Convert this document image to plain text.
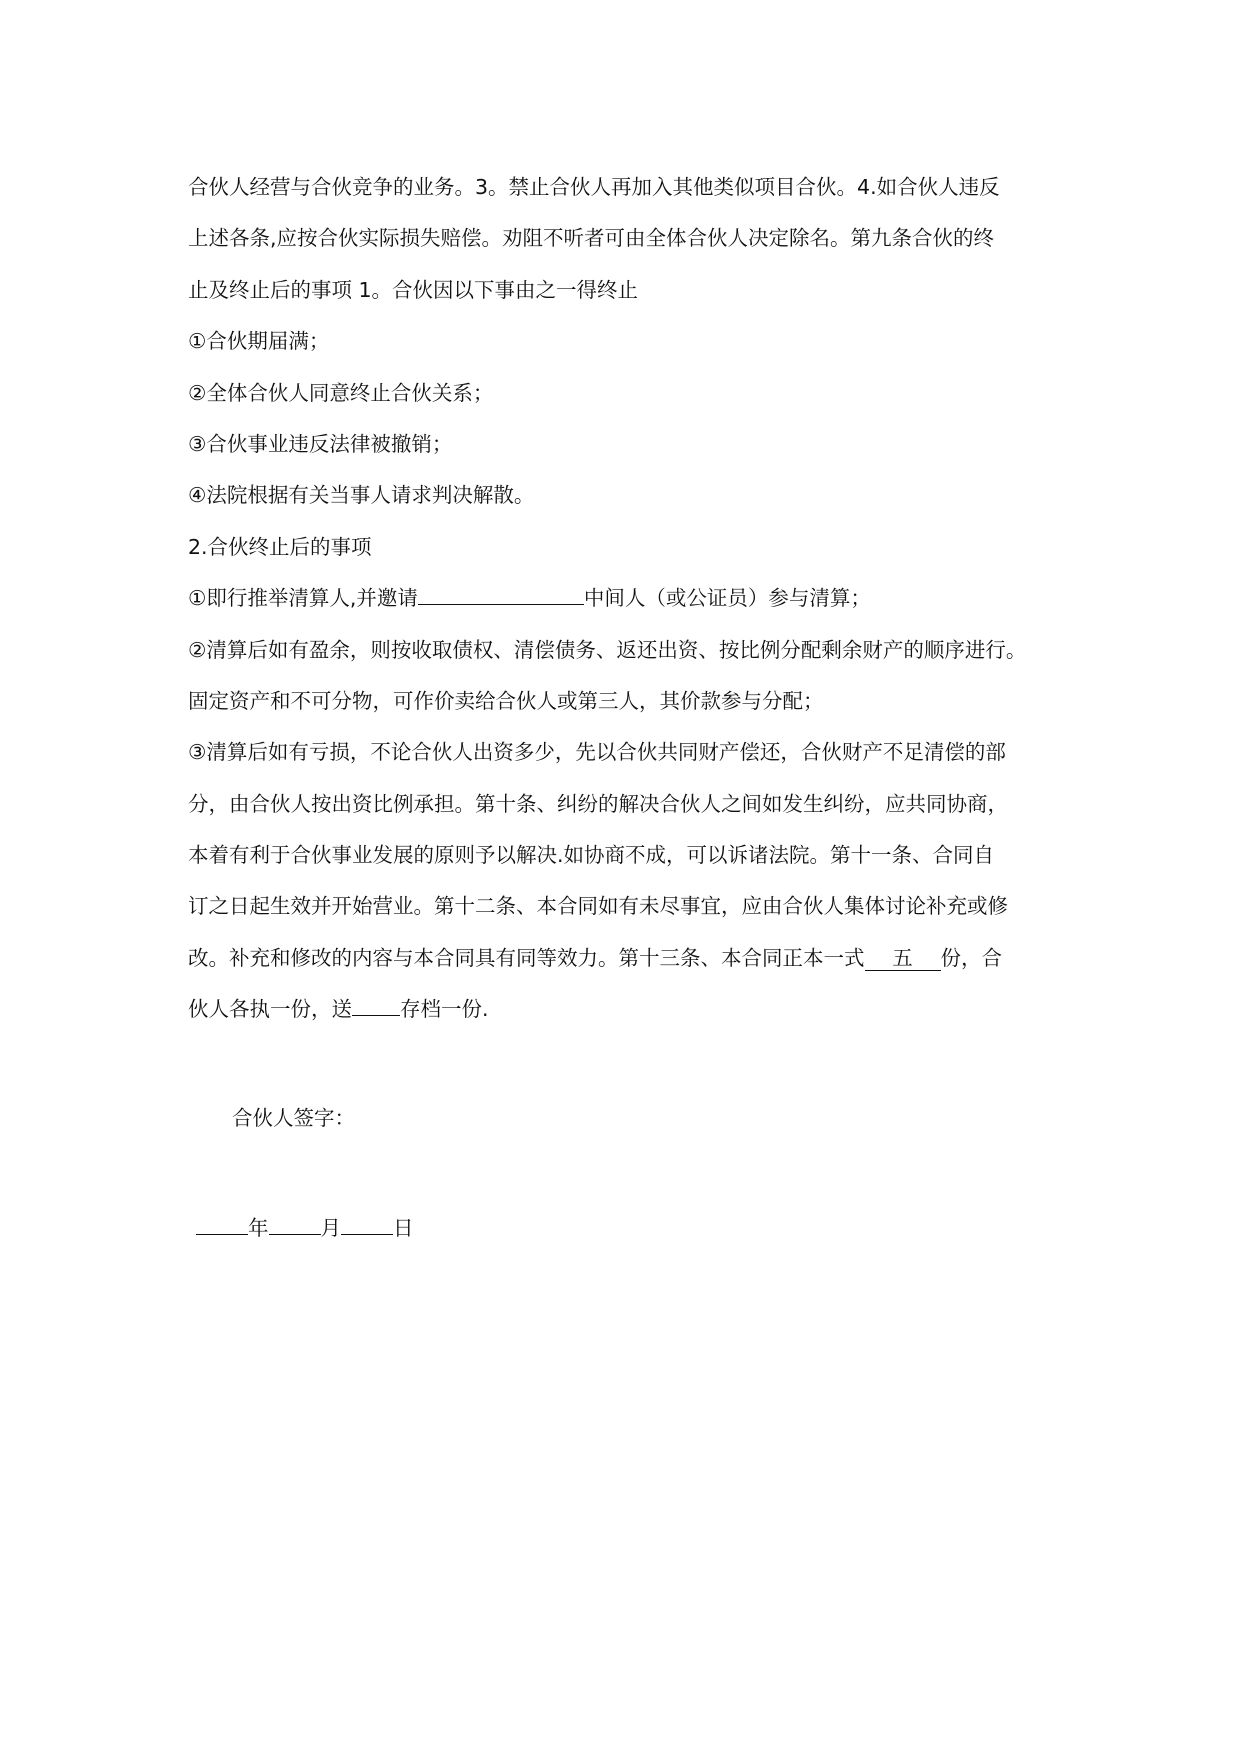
合伙人经营与合伙竞争的业务。3。禁止合伙人再加入其他类似项目合伙。4.如合伙人违反
上述各条,应按合伙实际损失赔偿。劝阻不听者可由全体合伙人决定除名。第九条合伙的终
止及终止后的事项 1。合伙因以下事由之一得终止
①合伙期届满；
②全体合伙人同意终止合伙关系；
③合伙事业违反法律被撤销；
④法院根据有关当事人请求判决解散。
2.合伙终止后的事项
①即行推举清算人,并邀请	中间人（或公证员）参与清算；
②清算后如有盈余，则按收取债权、清偿债务、返还出资、按比例分配剩余财产的顺序进行。
固定资产和不可分物，可作价卖给合伙人或第三人，其价款参与分配；
③清算后如有亏损，不论合伙人出资多少，先以合伙共同财产偿还，合伙财产不足清偿的部
分，由合伙人按出资比例承担。第十条、纠纷的解决合伙人之间如发生纠纷，应共同协商，
本着有利于合伙事业发展的原则予以解决.如协商不成，可以诉诸法院。第十一条、合同自
订之日起生效并开始营业。第十二条、本合同如有未尽事宜，应由合伙人集体讨论补充或修
改。补充和修改的内容与本合同具有同等效力。第十三条、本合同正本一式 五 份，合
伙人各执一份，送 存档一份.
合伙人签字：
年	月	日
